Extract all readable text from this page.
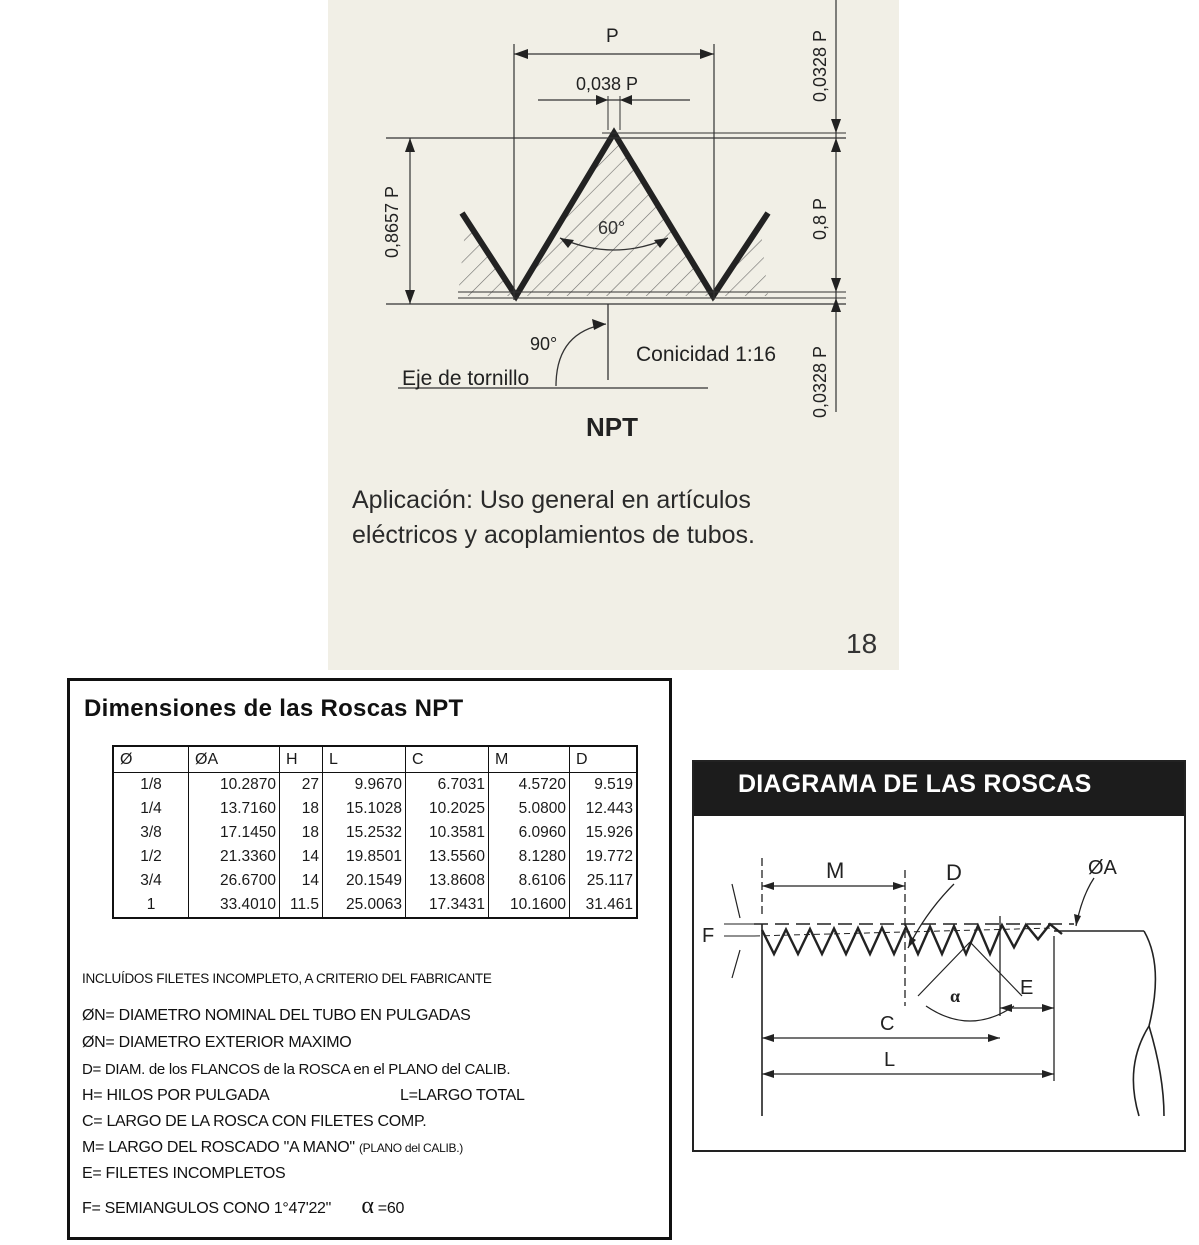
P
0,038 P
0,8657 P
0,0328 P
0,8 P
0,0328 P
60°
90°	Conicidad 1:16
Eje de tornillo
NPT
Aplicación: Uso general en artículos
eléctricos y acoplamientos de tubos.
18
Dimensiones de las Roscas NPT
Ø	ØA	H	L	C	M	D
1/8	10.2870	27	9.9670	6.7031	4.5720	9.519
1/4	13.7160	18	15.1028	10.2025	5.0800	12.443
3/8	17.1450	18	15.2532	10.3581	6.0960	15.926
1/2	21.3360	14	19.8501	13.5560	8.1280	19.772
3/4	26.6700	14	20.1549	13.8608	8.6106	25.117
1	33.4010	11.5	25.0063	17.3431	10.1600	31.461
INCLUÍDOS FILETES INCOMPLETO, A CRITERIO DEL FABRICANTE
ØN= DIAMETRO NOMINAL DEL TUBO EN PULGADAS
ØN= DIAMETRO EXTERIOR MAXIMO
D= DIAM. de los FLANCOS de la ROSCA en el PLANO del CALIB.
H= HILOS POR PULGADA	L=LARGO TOTAL
C= LARGO DE LA ROSCA CON FILETES COMP.
M= LARGO DEL ROSCADO "A MANO" (PLANO del CALIB.)
E= FILETES INCOMPLETOS
F= SEMIANGULOS CONO 1°47'22" α =60
DIAGRAMA DE LAS ROSCAS
M	D	ØA
F
E
C
L
α
